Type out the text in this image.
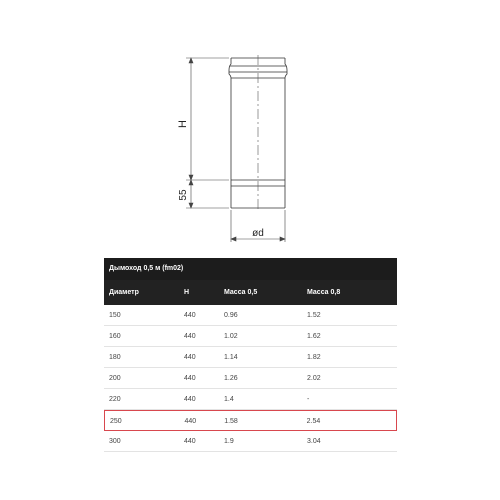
H
55
ød
Дымоход 0,5 м (fm02)
Диаметр	H	Масса 0,5	Масса 0,8
150	440	0.96	1.52
160	440	1.02	1.62
180	440	1.14	1.82
200	440	1.26	2.02
220	440	1.4	-
250	440	1.58	2.54
300	440	1.9	3.04
